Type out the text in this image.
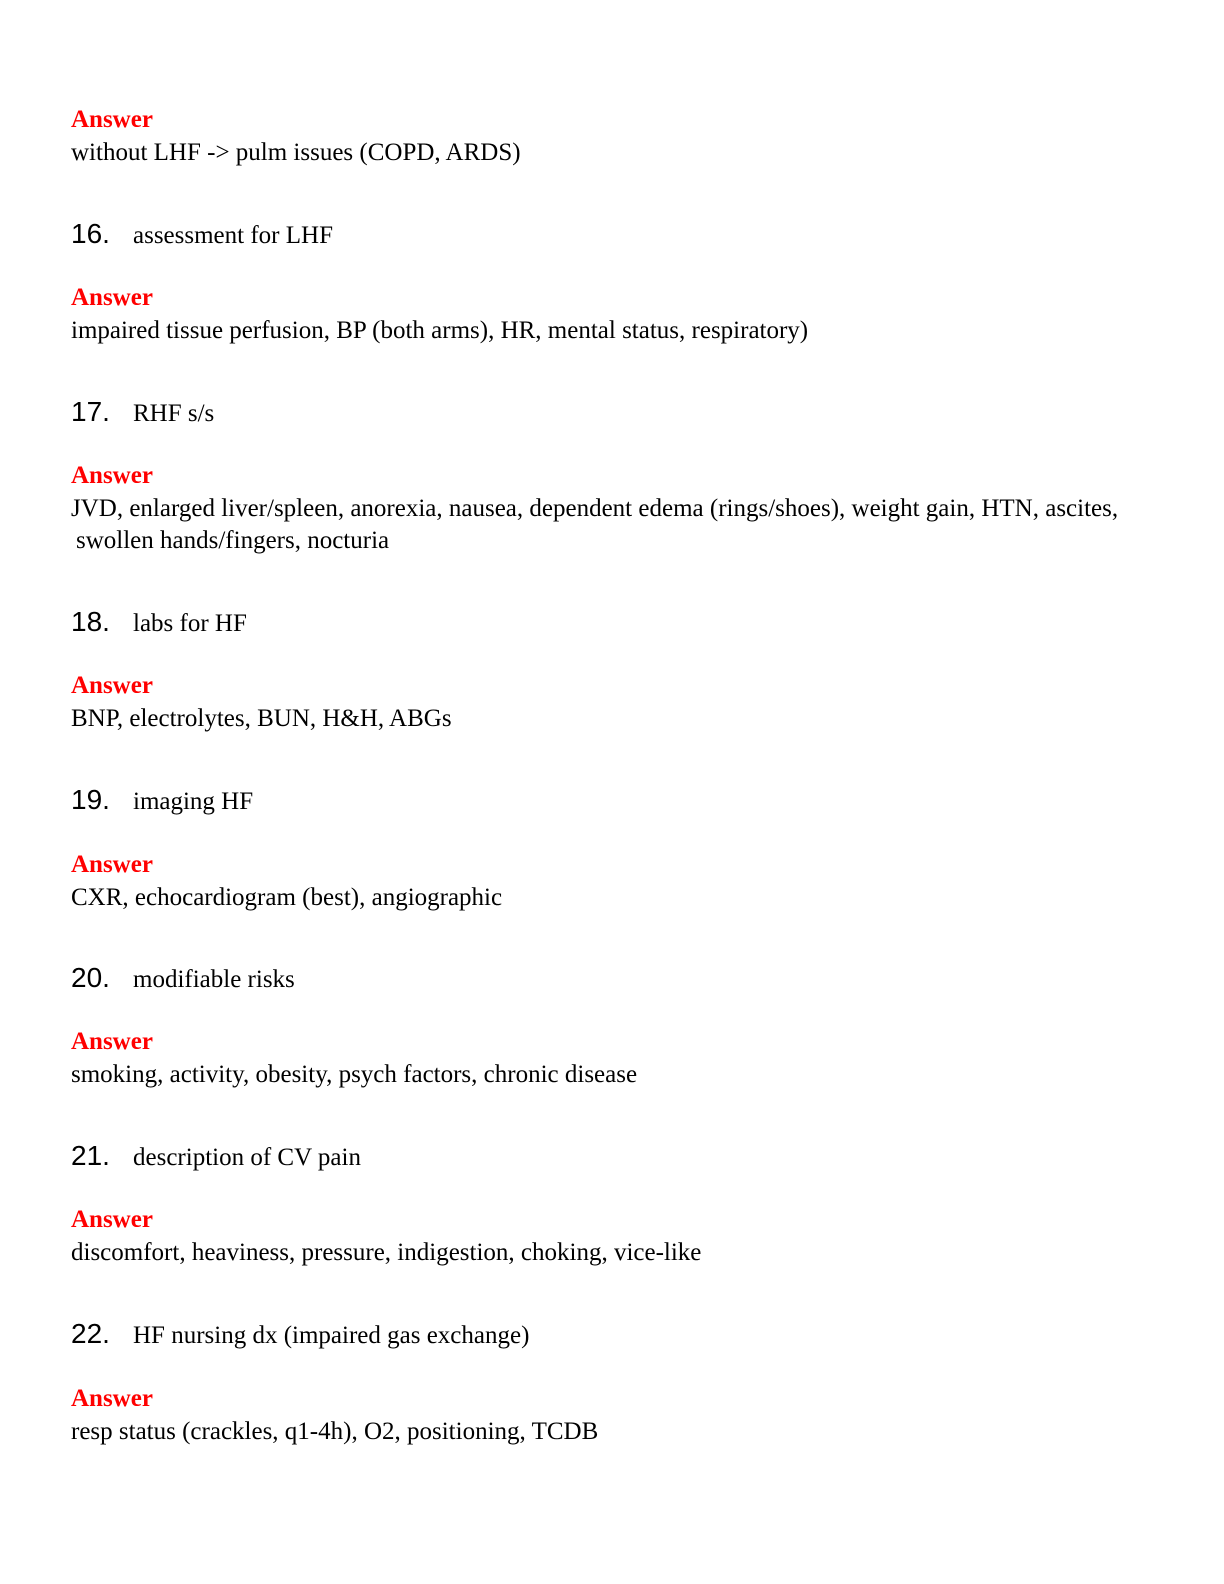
Answer

without LHF -> pulm issues (COPD, ARDS)

16. assessment for LHF

Answer

impaired tissue perfusion, BP (both arms), HR, mental status, respiratory)

17. RHF s/s

Answer

JVD, enlarged liver/spleen, anorexia, nausea, dependent edema (rings/shoes), weight gain, HTN, ascites, swollen hands/fingers, nocturia

18. labs for HF

Answer

BNP, electrolytes, BUN, H&H, ABGs

19. imaging HF

Answer

CXR, echocardiogram (best), angiographic

20. modifiable risks

Answer

smoking, activity, obesity, psych factors, chronic disease

21. description of CV pain

Answer

discomfort, heaviness, pressure, indigestion, choking, vice-like

22. HF nursing dx (impaired gas exchange)

Answer

resp status (crackles, q1-4h), O2, positioning, TCDB
